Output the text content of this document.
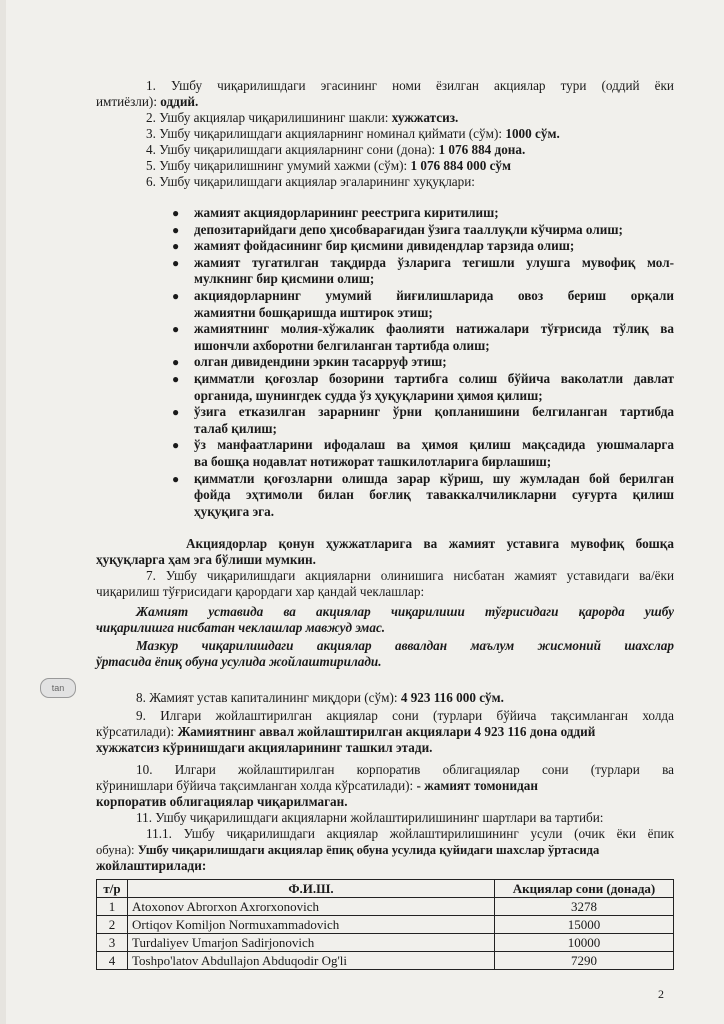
1. Ушбу чиқарилишдаги эгасининг номи ёзилган акциялар тури (оддий ёки
имтиёзли): оддий.
2. Ушбу акциялар чиқарилишининг шакли: хужжатсиз.
3. Ушбу чиқарилишдаги акцияларнинг номинал қиймати (сўм): 1000 сўм.
4. Ушбу чиқарилишдаги акцияларнинг сони (дона): 1 076 884 дона.
5. Ушбу чиқарилишнинг умумий хажми (сўм): 1 076 884 000 сўм
6. Ушбу чиқарилишдаги акциялар эгаларининг хуқуқлари:
● жамият акциядорларининг реестрига киритилиш;
● депозитарийдаги депо ҳисобварағидан ўзига тааллуқли кўчирма олиш;
● жамият фойдасининг бир қисмини дивидендлар тарзида олиш;
● жамият тугатилган тақдирда ўзларига тегишли улушга мувофиқ мол-
мулкнинг бир қисмини олиш;
● акциядорларнинг умумий йиғилишларида овоз бериш орқали
жамиятни бошқаришда иштирок этиш;
● жамиятнинг молия-хўжалик фаолияти натижалари тўғрисида тўлиқ ва
ишончли ахборотни белгиланган тартибда олиш;
● олган дивидендини эркин тасарруф этиш;
● қимматли қоғозлар бозорини тартибга солиш бўйича ваколатли давлат
органида, шунингдек судда ўз ҳуқуқларини ҳимоя қилиш;
● ўзига етказилган зарарнинг ўрни қопланишини белгиланган тартибда
талаб қилиш;
● ўз манфаатларини ифодалаш ва ҳимоя қилиш мақсадида уюшмаларга
ва бошқа нодавлат нотижорат ташкилотларига бирлашиш;
● қимматли қоғозларни олишда зарар кўриш, шу жумладан бой берилган
фойда эҳтимоли билан боғлиқ таваккалчиликларни суғурта қилиш
ҳуқуқига эга.
Акциядорлар қонун ҳужжатларига ва жамият уставига мувофиқ бошқа
ҳуқуқларга ҳам эга бўлиши мумкин.
7. Ушбу чиқарилишдаги акцияларни олинишига нисбатан жамият уставидаги ва/ёки
чиқарилиш тўғрисидаги қарордаги хар қандай чеклашлар:
Жамият уставида ва акциялар чиқарилиши тўғрисидаги қарорда ушбу
чиқарилишга нисбатан чеклашлар мавжуд эмас.
Мазкур чиқарилишдаги акциялар аввалдан маълум жисмоний шахслар
ўртасида ёпиқ обуна усулида жойлаштирилади.
tan
8. Жамият устав капиталининг миқдори (сўм): 4 923 116 000 сўм.
9. Илгари жойлаштирилган акциялар сони (турлари бўйича тақсимланган холда
кўрсатилади): Жамиятнинг аввал жойлаштирилган акциялари 4 923 116 дона оддий
хужжатсиз кўринишдаги акцияларининг ташкил этади.
10. Илгари жойлаштирилган корпоратив облигациялар сони (турлари ва
кўринишлари бўйича тақсимланган холда кўрсатилади): - жамият томонидан
корпоратив облигациялар чиқарилмаган.
11. Ушбу чиқарилишдаги акцияларни жойлаштирилишининг шартлари ва тартиби:
11.1. Ушбу чиқарилишдаги акциялар жойлаштирилишининг усули (очик ёки ёпик
обуна): Ушбу чиқарилишдаги акциялар ёпиқ обуна усулида қуйидаги шахслар ўртасида
жойлаштирилади:
т/р	Ф.И.Ш.	Акциялар сони (донада)
1	Atoxonov Abrorxon Axrorxonovich	3278
2	Ortiqov Komiljon Normuxammadovich	15000
3	Turdaliyev Umarjon Sadirjonovich	10000
4	Toshpo'latov Abdullajon Abduqodir Og'li	7290
2
